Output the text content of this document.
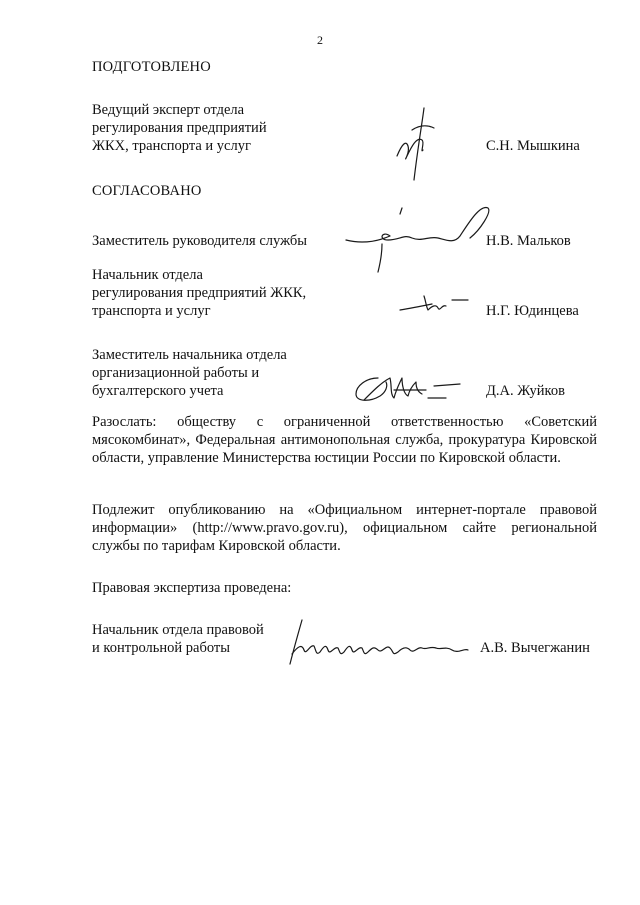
2
ПОДГОТОВЛЕНО
Ведущий эксперт отдела
регулирования предприятий
ЖКХ, транспорта и услуг	С.Н. Мышкина
СОГЛАСОВАНО
Заместитель руководителя службы	Н.В. Мальков
Начальник отдела
регулирования предприятий ЖКК,
транспорта и услуг	Н.Г. Юдинцева
Заместитель начальника отдела
организационной работы и
бухгалтерского учета	Д.А. Жуйков
Разослать: обществу с ограниченной ответственностью «Советский мясокомбинат», Федеральная антимонопольная служба, прокуратура Кировской области, управление Министерства юстиции России по Кировской области.
Подлежит опубликованию на «Официальном интернет-портале правовой информации» (http://www.pravo.gov.ru), официальном сайте региональной службы по тарифам Кировской области.
Правовая экспертиза проведена:
Начальник отдела правовой
и контрольной работы	А.В. Вычегжанин
